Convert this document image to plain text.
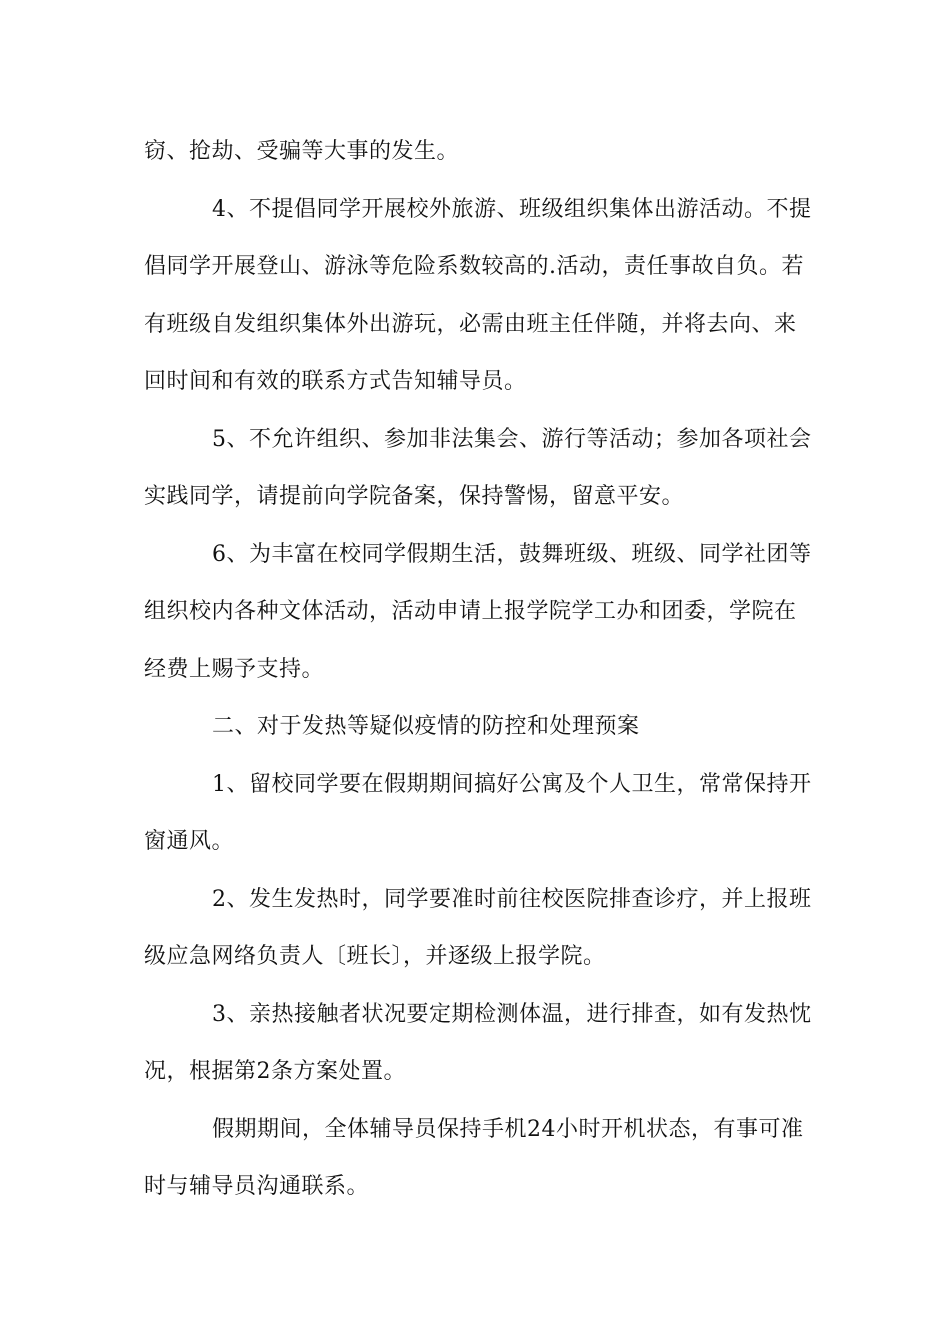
窃、抢劫、受骗等大事的发生。
4、不提倡同学开展校外旅游、班级组织集体出游活动。不提
倡同学开展登山、游泳等危险系数较高的.活动，责任事故自负。若
有班级自发组织集体外出游玩，必需由班主任伴随，并将去向、来
回时间和有效的联系方式告知辅导员。
5、不允许组织、参加非法集会、游行等活动；参加各项社会
实践同学，请提前向学院备案，保持警惕，留意平安。
6、为丰富在校同学假期生活，鼓舞班级、班级、同学社团等
组织校内各种文体活动，活动申请上报学院学工办和团委，学院在
经费上赐予支持。
二、对于发热等疑似疫情的防控和处理预案
1、留校同学要在假期期间搞好公寓及个人卫生，常常保持开
窗通风。
2、发生发热时，同学要准时前往校医院排查诊疗，并上报班
级应急网络负责人〔班长〕，并逐级上报学院。
3、亲热接触者状况要定期检测体温，进行排查，如有发热忱
况，根据第2条方案处置。
假期期间，全体辅导员保持手机24小时开机状态，有事可准
时与辅导员沟通联系。
